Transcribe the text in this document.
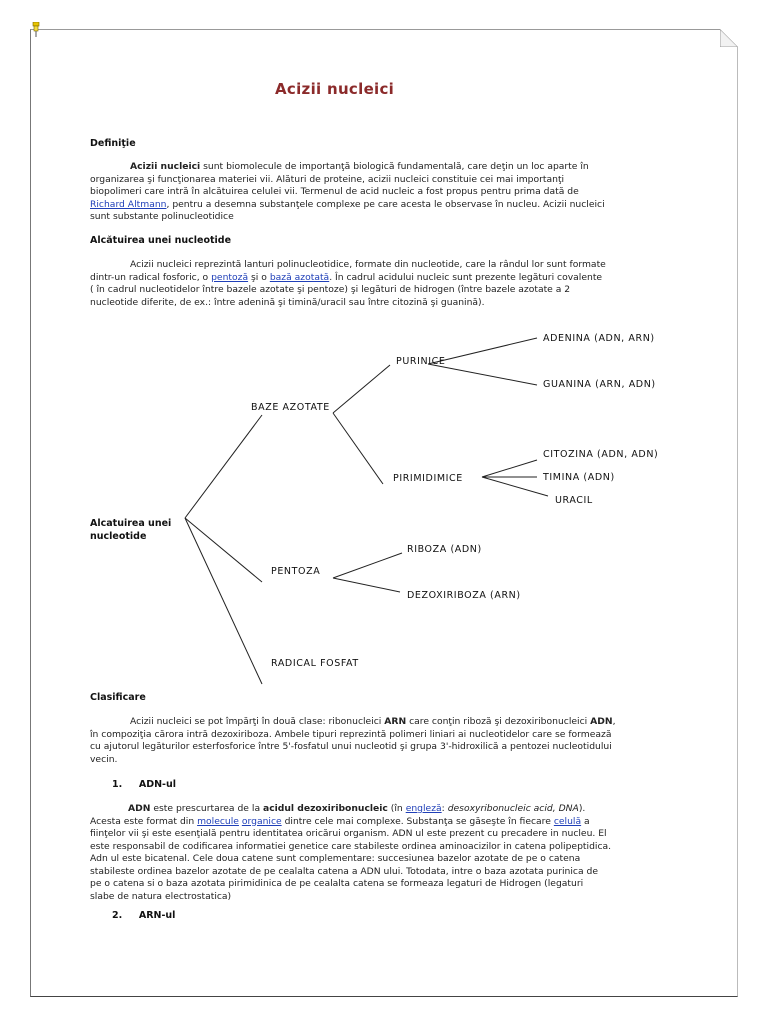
Acizii nucleici
Definiţie
Acizii nucleici sunt biomolecule de importanţă biologică fundamentală, care deţin un loc aparte în
organizarea şi funcţionarea materiei vii. Alături de proteine, acizii nucleici constituie cei mai importanţi
biopolimeri care intră în alcătuirea celulei vii. Termenul de acid nucleic a fost propus pentru prima dată de
Richard Altmann, pentru a desemna substanţele complexe pe care acesta le observase în nucleu. Acizii nucleici
sunt substante polinucleotidice
Alcătuirea unei nucleotide
Acizii nucleici reprezintă lanturi polinucleotidice, formate din nucleotide, care la rândul lor sunt formate
dintr-un radical fosforic, o pentoză şi o bază azotată. În cadrul acidului nucleic sunt prezente legături covalente
( în cadrul nucleotidelor între bazele azotate şi pentoze) şi legături de hidrogen (între bazele azotate a 2
nucleotide diferite, de ex.: între adenină şi timină/uracil sau între citozină şi guanină).
Alcatuirea unei
nucleotide
BAZE AZOTATE
PURINICE
ADENINA (ADN, ARN)
GUANINA (ARN, ADN)
PIRIMIDIMICE
CITOZINA (ADN, ADN)
TIMINA (ADN)
URACIL
PENTOZA
RIBOZA (ADN)
DEZOXIRIBOZA (ARN)
RADICAL FOSFAT
Clasificare
Acizii nucleici se pot împărţi în două clase: ribonucleici ARN care conţin riboză şi dezoxiribonucleici ADN,
în compoziţia cărora intră dezoxiriboza. Ambele tipuri reprezintă polimeri liniari ai nucleotidelor care se formează
cu ajutorul legăturilor esterfosforice între 5'-fosfatul unui nucleotid şi grupa 3'-hidroxilică a pentozei nucleotidului
vecin.
1. ADN-ul
ADN este prescurtarea de la acidul dezoxiribonucleic (în engleză: desoxyribonucleic acid, DNA).
Acesta este format din molecule organice dintre cele mai complexe. Substanţa se găseşte în fiecare celulă a
fiinţelor vii şi este esenţială pentru identitatea oricărui organism. ADN ul este prezent cu precadere in nucleu. El
este responsabil de codificarea informatiei genetice care stabileste ordinea aminoacizilor in catena polipeptidica.
Adn ul este bicatenal. Cele doua catene sunt complementare: succesiunea bazelor azotate de pe o catena
stabileste ordinea bazelor azotate de pe cealalta catena a ADN ului. Totodata, intre o baza azotata purinica de
pe o catena si o baza azotata pirimidinica de pe cealalta catena se formeaza legaturi de Hidrogen (legaturi
slabe de natura electrostatica)
2. ARN-ul
